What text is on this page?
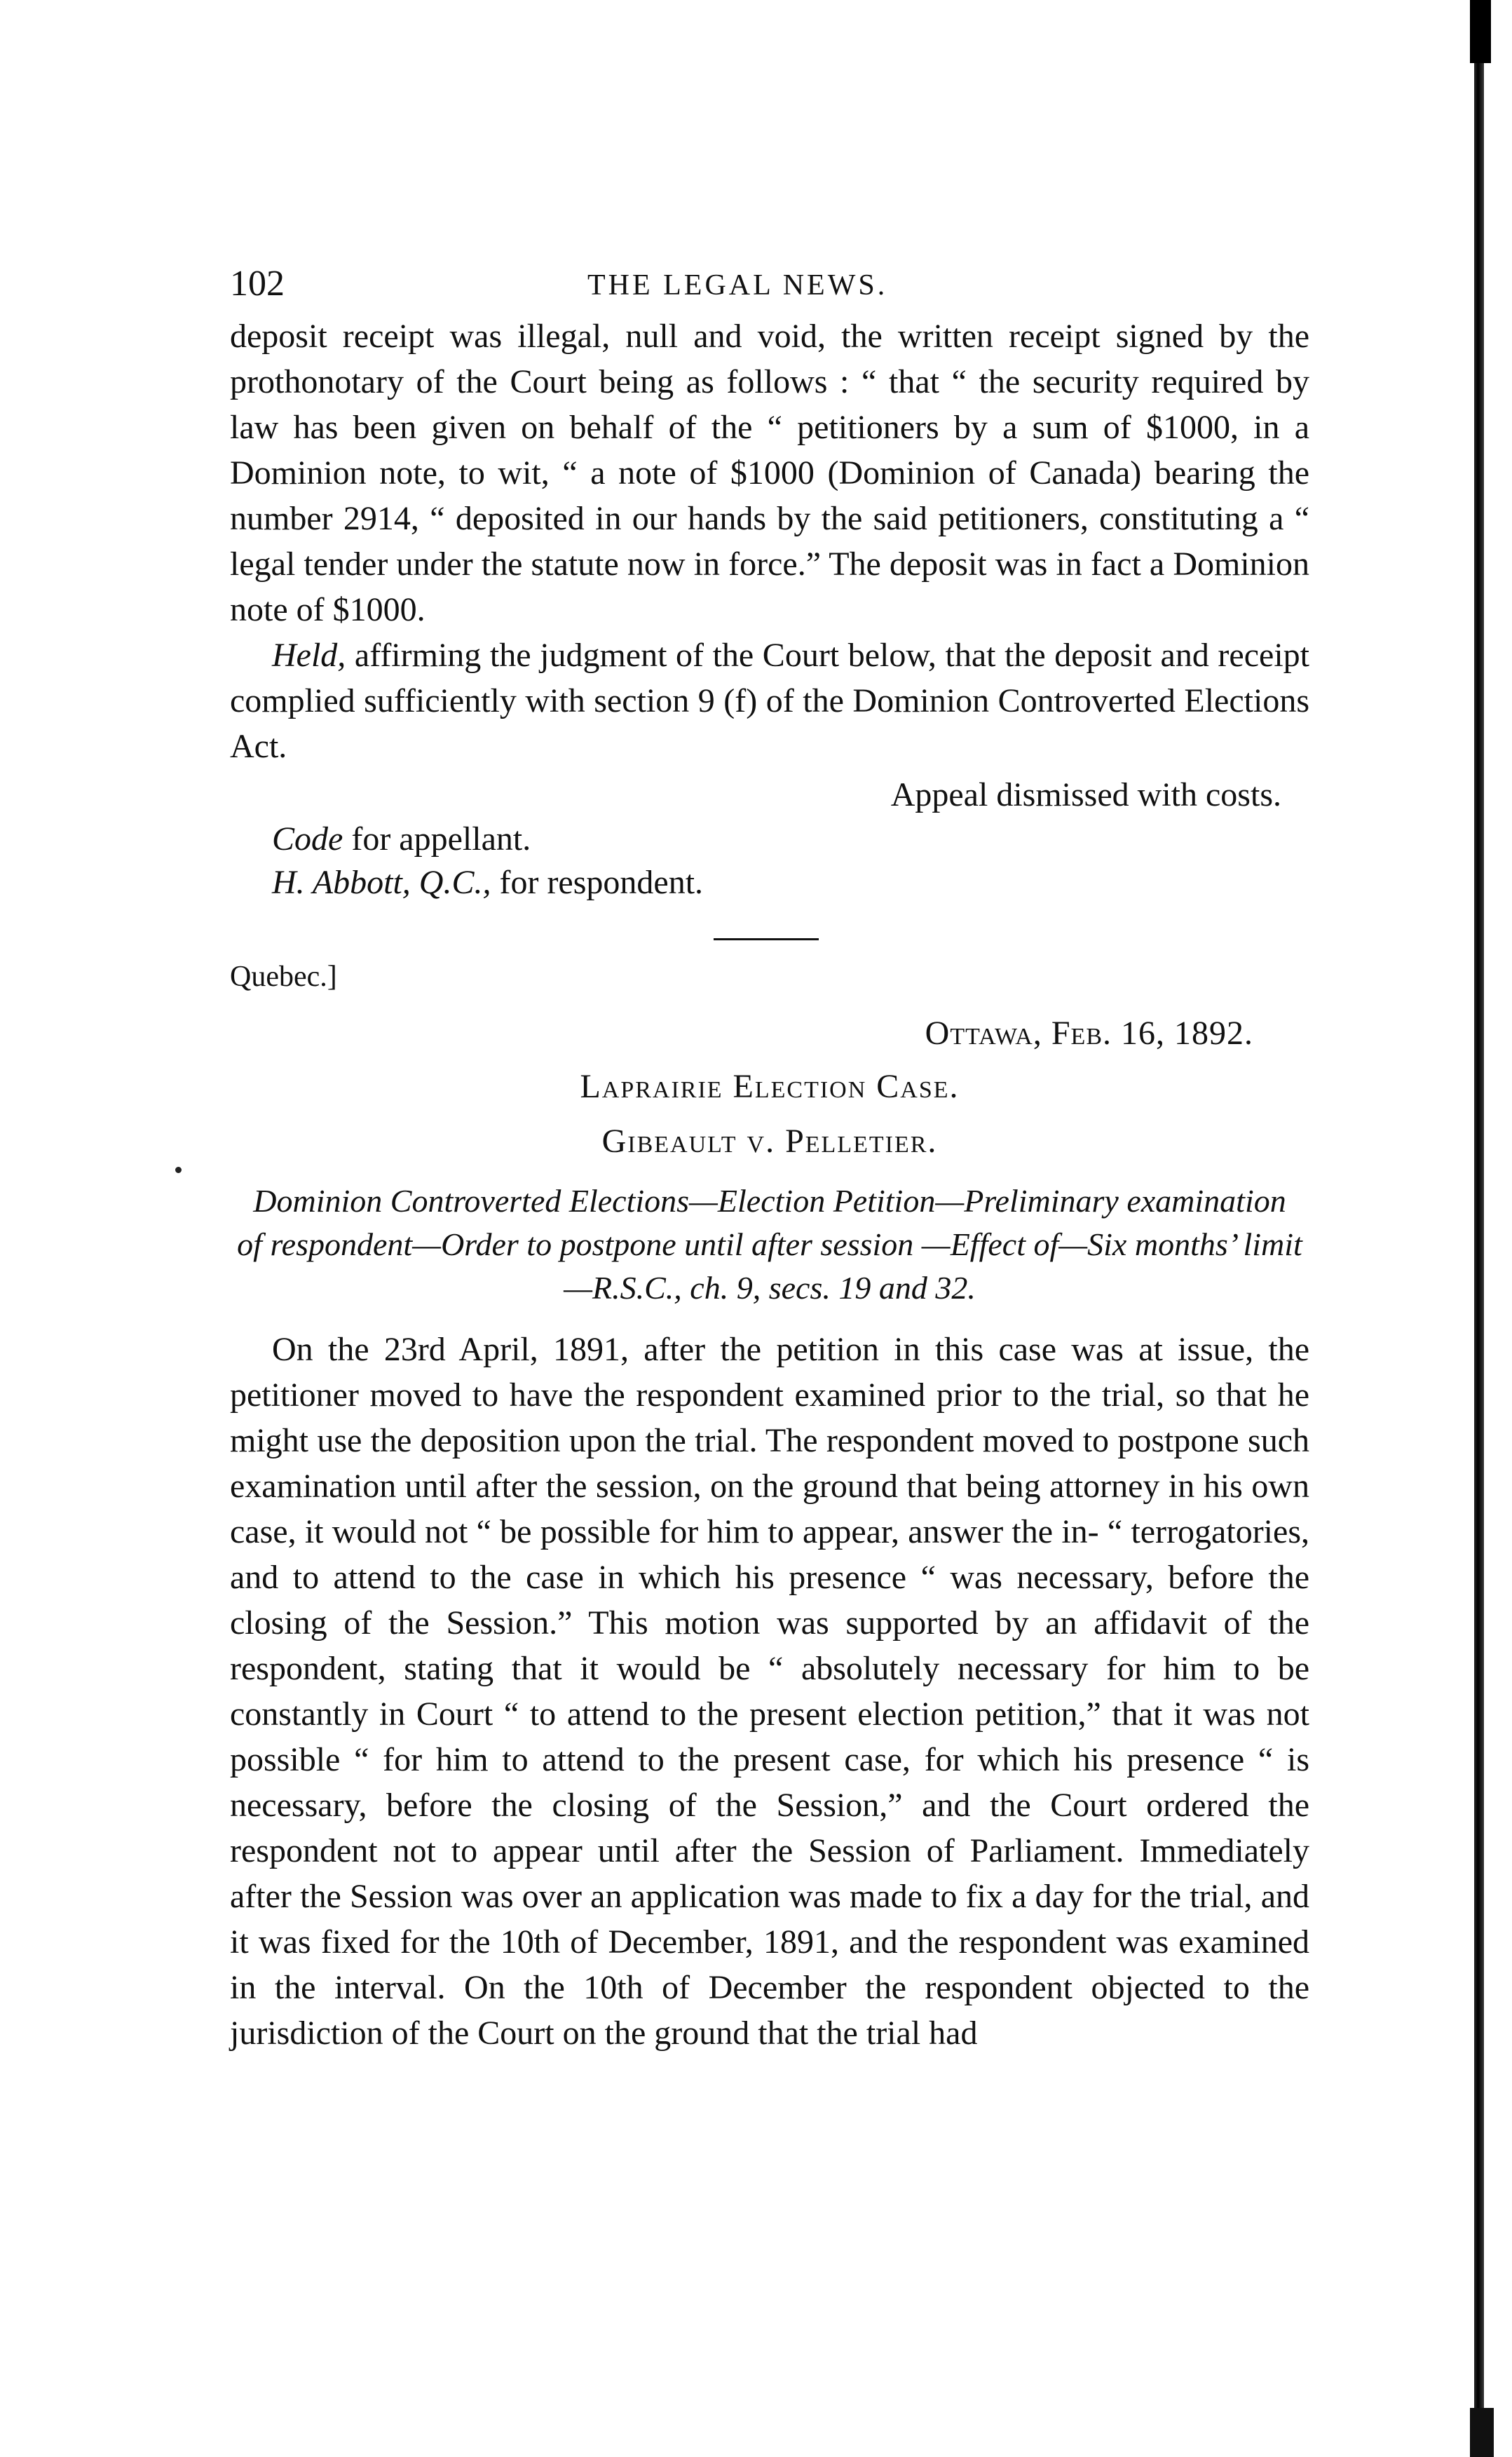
102	THE LEGAL NEWS.

deposit receipt was illegal, null and void, the written receipt signed by the prothonotary of the Court being as follows : “ that “ the security required by law has been given on behalf of the “ petitioners by a sum of $1000, in a Dominion note, to wit, “ a note of $1000 (Dominion of Canada) bearing the number 2914, “ deposited in our hands by the said petitioners, constituting a “ legal tender under the statute now in force.” The deposit was in fact a Dominion note of $1000.

Held, affirming the judgment of the Court below, that the deposit and receipt complied sufficiently with section 9 (f) of the Dominion Controverted Elections Act.

Appeal dismissed with costs.
Code for appellant.
H. Abbott, Q.C., for respondent.
Quebec.]
Ottawa, Feb. 16, 1892.
Laprairie Election Case.
Gibeault v. Pelletier.
Dominion Controverted Elections—Election Petition—Preliminary examination of respondent—Order to postpone until after session —Effect of—Six months’ limit—R.S.C., ch. 9, secs. 19 and 32.

On the 23rd April, 1891, after the petition in this case was at issue, the petitioner moved to have the respondent examined prior to the trial, so that he might use the deposition upon the trial. The respondent moved to postpone such examination until after the session, on the ground that being attorney in his own case, it would not “ be possible for him to appear, answer the in- “ terrogatories, and to attend to the case in which his presence “ was necessary, before the closing of the Session.” This motion was supported by an affidavit of the respondent, stating that it would be “ absolutely necessary for him to be constantly in Court “ to attend to the present election petition,” that it was not possible “ for him to attend to the present case, for which his presence “ is necessary, before the closing of the Session,” and the Court ordered the respondent not to appear until after the Session of Parliament. Immediately after the Session was over an application was made to fix a day for the trial, and it was fixed for the 10th of December, 1891, and the respondent was examined in the interval. On the 10th of December the respondent objected to the jurisdiction of the Court on the ground that the trial had
